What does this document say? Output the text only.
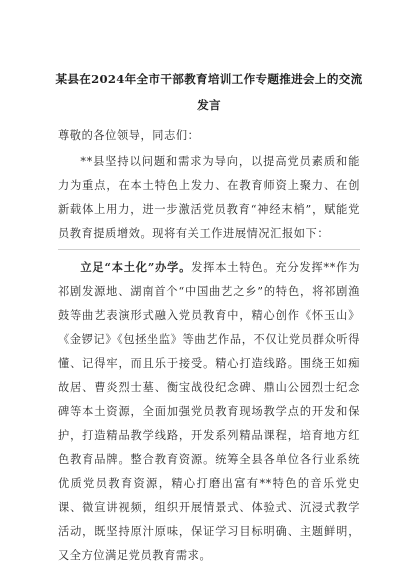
某县在2024年全市干部教育培训工作专题推进会上的交流发言

尊敬的各位领导，同志们：

**县坚持以问题和需求为导向，以提高党员素质和能力为重点，在本土特色上发力、在教育师资上聚力、在创新载体上用力，进一步激活党员教育“神经末梢”，赋能党员教育提质增效。现将有关工作进展情况汇报如下：

立足“本土化”办学。发挥本土特色。充分发挥**作为祁剧发源地、湖南首个“中国曲艺之乡”的特色，将祁剧渔鼓等曲艺表演形式融入党员教育中，精心创作《怀玉山》《金锣记》《包拯坐监》等曲艺作品，不仅让党员群众听得懂、记得牢，而且乐于接受。精心打造线路。围绕王如痴故居、曹炎烈士墓、衡宝战役纪念碑、鼎山公园烈士纪念碑等本土资源，全面加强党员教育现场教学点的开发和保护，打造精品教学线路，开发系列精品课程，培育地方红色教育品牌。整合教育资源。统筹全县各单位各行业系统优质党员教育资源，精心打磨出富有**特色的音乐党史课、微宣讲视频，组织开展情景式、体验式、沉浸式教学活动，既坚持原汁原味，保证学习目标明确、主题鲜明，又全方位满足党员教育需求。
